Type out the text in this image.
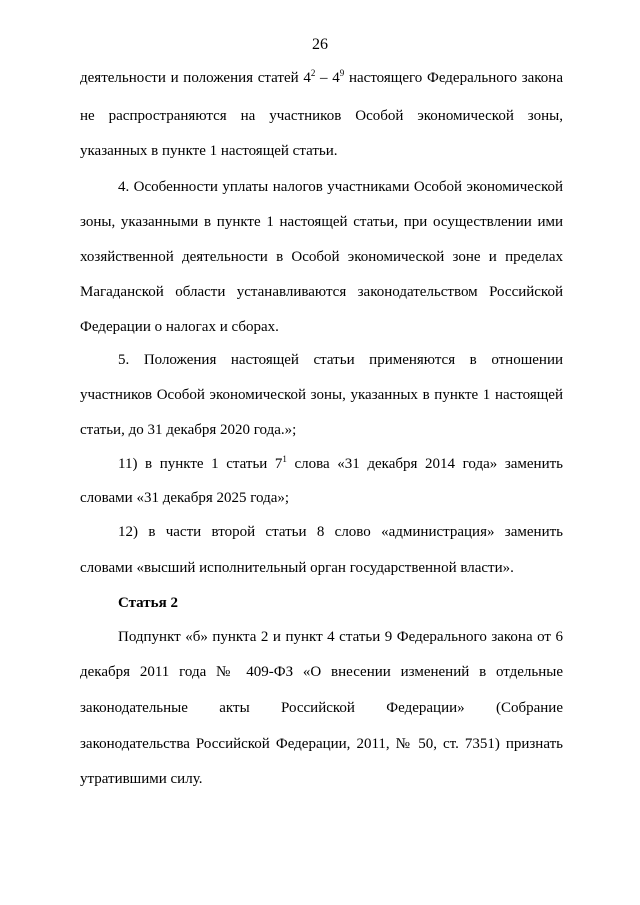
26
деятельности и положения статей $4^2 - 4^9$ настоящего Федерального закона
не распространяются на участников Особой экономической зоны,
указанных в пункте 1 настоящей статьи.
4. Особенности уплаты налогов участниками Особой экономической
зоны, указанными в пункте 1 настоящей статьи, при осуществлении ими
хозяйственной деятельности в Особой экономической зоне и пределах
Магаданской области устанавливаются законодательством Российской
Федерации о налогах и сборах.
5. Положения настоящей статьи применяются в отношении
участников Особой экономической зоны, указанных в пункте 1 настоящей
статьи, до 31 декабря 2020 года.»;
11) в пункте 1 статьи $7^1$ слова «31 декабря 2014 года» заменить
словами «31 декабря 2025 года»;
12) в части второй статьи 8 слово «администрация» заменить
словами «высший исполнительный орган государственной власти».
Статья 2
Подпункт «б» пункта 2 и пункт 4 статьи 9 Федерального закона от 6
декабря 2011 года № 409-ФЗ «О внесении изменений в отдельные
законодательные акты Российской Федерации» (Собрание
законодательства Российской Федерации, 2011, № 50, ст. 7351) признать
утратившими силу.
